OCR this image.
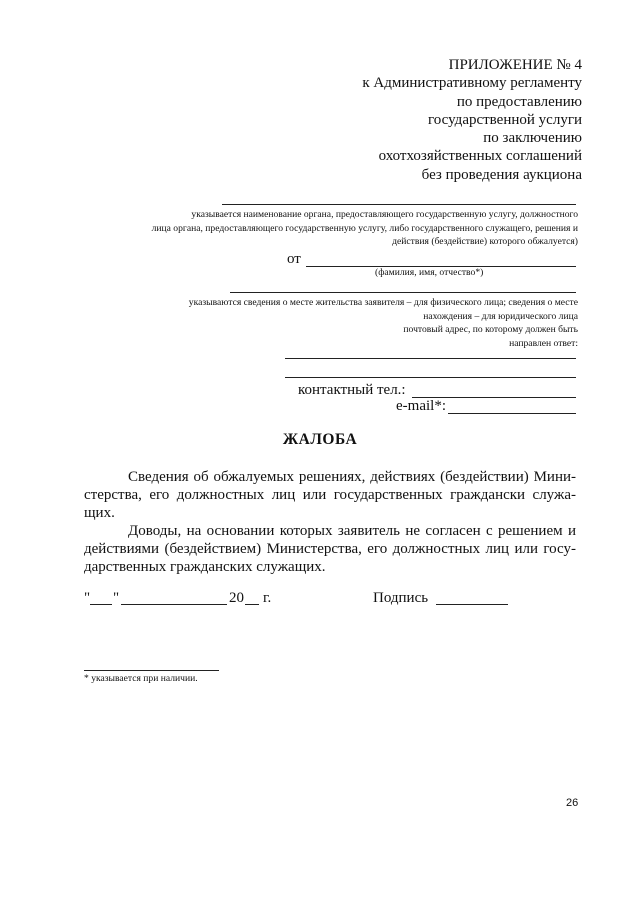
ПРИЛОЖЕНИЕ № 4
к Административному регламенту
по предоставлению
государственной услуги
по заключению
охотхозяйственных соглашений
без проведения аукциона
указывается наименование органа, предоставляющего государственную услугу, должностного
лица органа, предоставляющего государственную услугу, либо государственного служащего, решения и
действия (бездействие) которого обжалуется)
от
(фамилия, имя, отчество*)
указываются сведения о месте жительства заявителя – для физического лица; сведения о месте
нахождения – для юридического лица
почтовый адрес, по которому должен быть
направлен ответ:
контактный тел.:
e-mail*:
ЖАЛОБА
Сведения об обжалуемых решениях, действиях (бездействии) Мини-
стерства, его должностных лиц или государственных граждански служа-
щих.
Доводы, на основании которых заявитель не согласен с решением и
действиями (бездействием) Министерства, его должностных лиц или госу-
дарственных гражданских служащих.
" "	20 г.	Подпись
* указывается при наличии.
26
